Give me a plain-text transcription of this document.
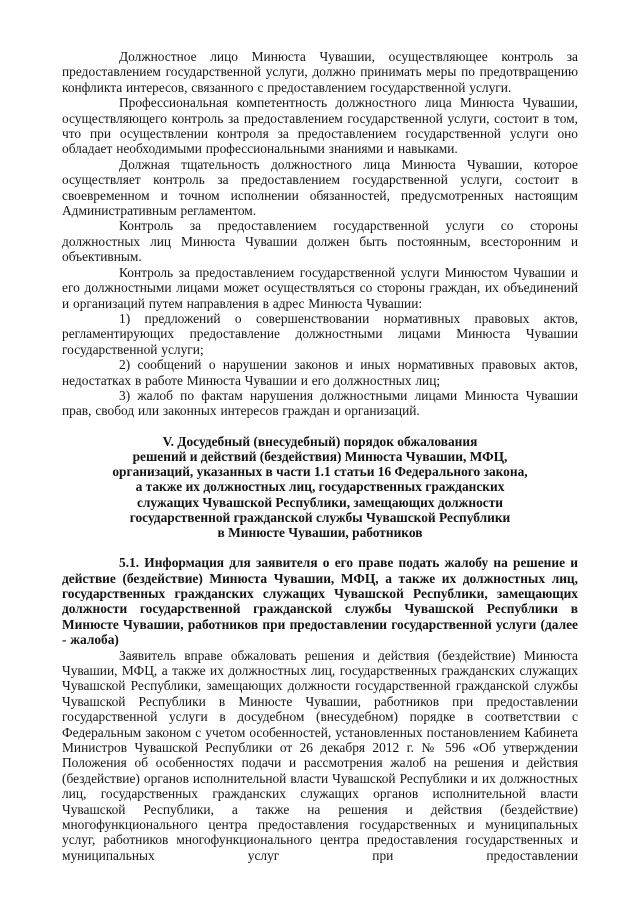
Должностное лицо Минюста Чувашии, осуществляющее контроль за предоставлением государственной услуги, должно принимать меры по предотвращению конфликта интересов, связанного с предоставлением государственной услуги.

Профессиональная компетентность должностного лица Минюста Чувашии, осуществляющего контроль за предоставлением государственной услуги, состоит в том, что при осуществлении контроля за предоставлением государственной услуги оно обладает необходимыми профессиональными знаниями и навыками.

Должная тщательность должностного лица Минюста Чувашии, которое осуществляет контроль за предоставлением государственной услуги, состоит в своевременном и точном исполнении обязанностей, предусмотренных настоящим Административным регламентом.

Контроль за предоставлением государственной услуги со стороны должностных лиц Минюста Чувашии должен быть постоянным, всесторонним и объективным.

Контроль за предоставлением государственной услуги Минюстом Чувашии и его должностными лицами может осуществляться со стороны граждан, их объединений и организаций путем направления в адрес Минюста Чувашии:

1) предложений о совершенствовании нормативных правовых актов, регламентирующих предоставление должностными лицами Минюста Чувашии государственной услуги;

2) сообщений о нарушении законов и иных нормативных правовых актов, недостатках в работе Минюста Чувашии и его должностных лиц;

3) жалоб по фактам нарушения должностными лицами Минюста Чувашии прав, свобод или законных интересов граждан и организаций.

V. Досудебный (внесудебный) порядок обжалования
решений и действий (бездействия) Минюста Чувашии, МФЦ,
организаций, указанных в части 1.1 статьи 16 Федерального закона,
а также их должностных лиц, государственных гражданских
служащих Чувашской Республики, замещающих должности
государственной гражданской службы Чувашской Республики
в Минюсте Чувашии, работников

5.1. Информация для заявителя о его праве подать жалобу на решение и действие (бездействие) Минюста Чувашии, МФЦ, а также их должностных лиц, государственных гражданских служащих Чувашской Республики, замещающих должности государственной гражданской службы Чувашской Республики в Минюсте Чувашии, работников при предоставлении государственной услуги (далее - жалоба)

Заявитель вправе обжаловать решения и действия (бездействие) Минюста Чувашии, МФЦ, а также их должностных лиц, государственных гражданских служащих Чувашской Республики, замещающих должности государственной гражданской службы Чувашской Республики в Минюсте Чувашии, работников при предоставлении государственной услуги в досудебном (внесудебном) порядке в соответствии с Федеральным законом с учетом особенностей, установленных постановлением Кабинета Министров Чувашской Республики от 26 декабря 2012 г. № 596 «Об утверждении Положения об особенностях подачи и рассмотрения жалоб на решения и действия (бездействие) органов исполнительной власти Чувашской Республики и их должностных лиц, государственных гражданских служащих органов исполнительной власти Чувашской Республики, а также на решения и действия (бездействие) многофункционального центра предоставления государственных и муниципальных услуг, работников многофункционального центра предоставления государственных и муниципальных услуг при предоставлении
